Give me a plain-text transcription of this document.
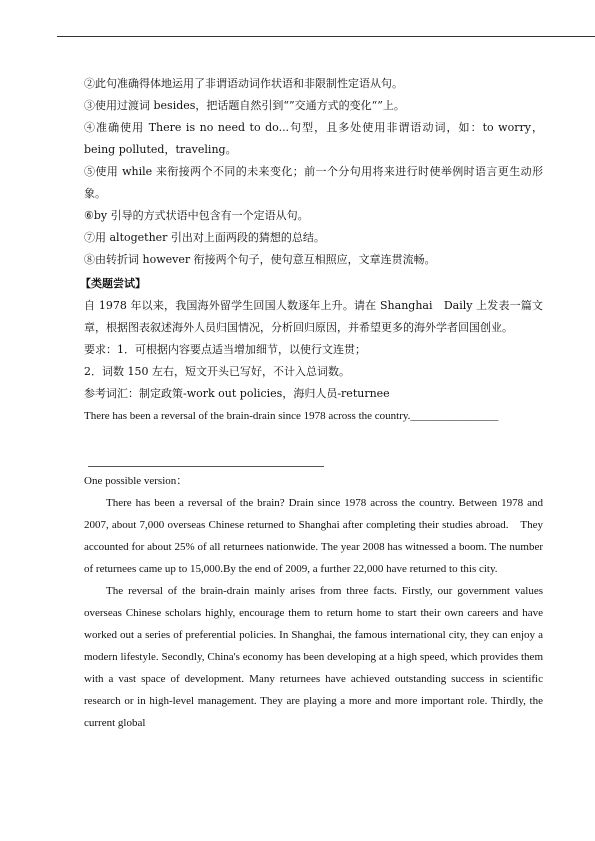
②此句准确得体地运用了非谓语动词作状语和非限制性定语从句。
③使用过渡词 besides，把话题自然引到“”交通方式的变化“”上。
④准确使用 There is no need to do...句型，且多处使用非谓语动词，如：to worry，being polluted，traveling。
⑤使用 while 来衔接两个不同的未来变化；前一个分句用将来进行时使举例时语言更生动形象。
⑥by 引导的方式状语中包含有一个定语从句。
⑦用 altogether 引出对上面两段的猜想的总结。
⑧由转折词 however 衔接两个句子，使句意互相照应，文章连贯流畅。
【类题尝试】
自 1978 年以来，我国海外留学生回国人数逐年上升。请在 Shanghai　Daily 上发表一篇文章，根据图表叙述海外人员归国情况，分析回归原因，并希望更多的海外学者回国创业。
要求：1．可根据内容要点适当增加细节，以使行文连贯；
2．词数 150 左右，短文开头已写好，不计入总词数。
参考词汇：制定政策-work out policies，海归人员-returnee
There has been a reversal of the brain-drain since 1978 across the country.________________
One possible version：
There has been a reversal of the brain? Drain since 1978 across the country. Between 1978 and 2007, about 7,000 overseas Chinese returned to Shanghai after completing their studies abroad.　They accounted for about 25% of all returnees nationwide. The year 2008 has witnessed a boom. The number of returnees came up to 15,000.By the end of 2009, a further 22,000 have returned to this city.
The reversal of the brain-drain mainly arises from three facts. Firstly, our government values overseas Chinese scholars highly, encourage them to return home to start their own careers and have worked out a series of preferential policies. In Shanghai, the famous international city, they can enjoy a modern lifestyle. Secondly, China's economy has been developing at a high speed, which provides them with a vast space of development. Many returnees have achieved outstanding success in scientific research or in high-level management. They are playing a more and more important role. Thirdly, the current global
